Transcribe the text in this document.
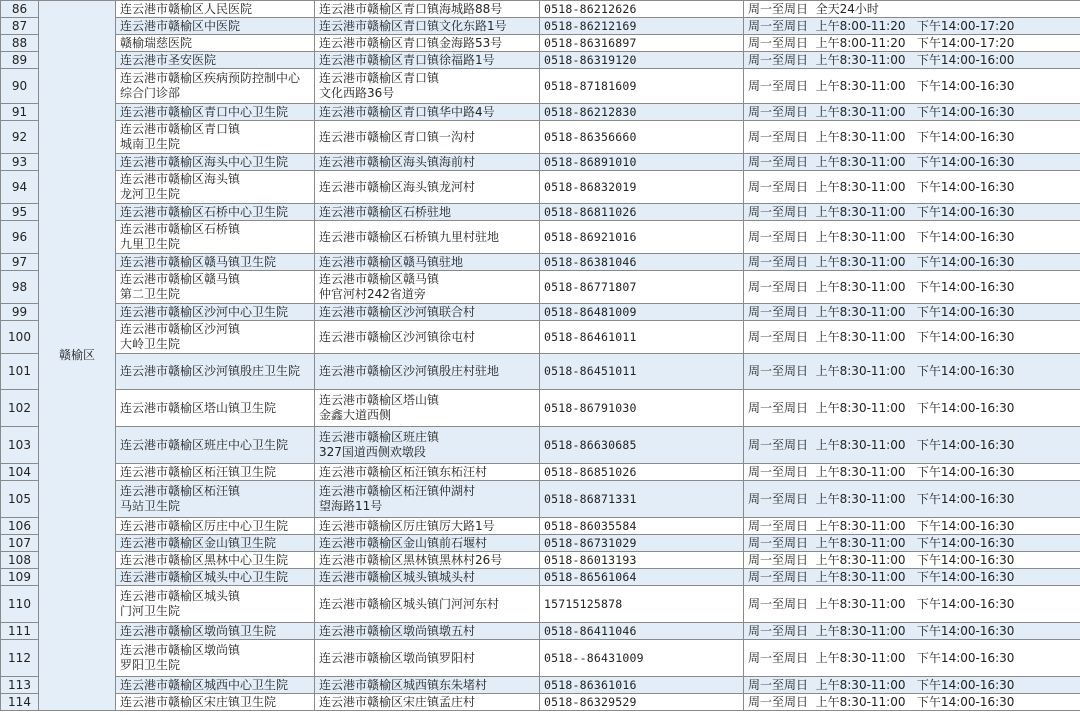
86	赣榆区	连云港市赣榆区人民医院	连云港市赣榆区青口镇海城路88号	0518-86212626	周一至周日  全天24小时
87		连云港市赣榆区中医院	连云港市赣榆区青口镇文化东路1号	0518-86212169	周一至周日  上午8:00-11:20   下午14:00-17:20
88		赣榆瑞慈医院	连云港市赣榆区青口镇金海路53号	0518-86316897	周一至周日  上午8:00-11:20   下午14:00-17:20
89		连云港市圣安医院	连云港市赣榆区青口镇徐福路1号	0518-86319120	周一至周日  上午8:30-11:00   下午14:00-16:00
90		连云港市赣榆区疾病预防控制中心综合门诊部	连云港市赣榆区青口镇
文化西路36号	0518-87181609	周一至周日  上午8:30-11:00   下午14:00-16:30
91		连云港市赣榆区青口中心卫生院	连云港市赣榆区青口镇华中路4号	0518-86212830	周一至周日  上午8:30-11:00   下午14:00-16:30
92		连云港市赣榆区青口镇
城南卫生院	连云港市赣榆区青口镇一沟村	0518-86356660	周一至周日  上午8:30-11:00   下午14:00-16:30
93		连云港市赣榆区海头中心卫生院	连云港市赣榆区海头镇海前村	0518-86891010	周一至周日  上午8:30-11:00   下午14:00-16:30
94		连云港市赣榆区海头镇
龙河卫生院	连云港市赣榆区海头镇龙河村	0518-86832019	周一至周日  上午8:30-11:00   下午14:00-16:30
95		连云港市赣榆区石桥中心卫生院	连云港市赣榆区石桥驻地	0518-86811026	周一至周日  上午8:30-11:00   下午14:00-16:30
96		连云港市赣榆区石桥镇
九里卫生院	连云港市赣榆区石桥镇九里村驻地	0518-86921016	周一至周日  上午8:30-11:00   下午14:00-16:30
97		连云港市赣榆区赣马镇卫生院	连云港市赣榆区赣马镇驻地	0518-86381046	周一至周日  上午8:30-11:00   下午14:00-16:30
98		连云港市赣榆区赣马镇
第二卫生院	连云港市赣榆区赣马镇
仲官河村242省道旁	0518-86771807	周一至周日  上午8:30-11:00   下午14:00-16:30
99		连云港市赣榆区沙河中心卫生院	连云港市赣榆区沙河镇联合村	0518-86481009	周一至周日  上午8:30-11:00   下午14:00-16:30
100		连云港市赣榆区沙河镇
大岭卫生院	连云港市赣榆区沙河镇徐屯村	0518-86461011	周一至周日  上午8:30-11:00   下午14:00-16:30
101		连云港市赣榆区沙河镇殷庄卫生院	连云港市赣榆区沙河镇殷庄村驻地	0518-86451011	周一至周日  上午8:30-11:00   下午14:00-16:30
102		连云港市赣榆区塔山镇卫生院	连云港市赣榆区塔山镇
金鑫大道西侧	0518-86791030	周一至周日  上午8:30-11:00   下午14:00-16:30
103		连云港市赣榆区班庄中心卫生院	连云港市赣榆区班庄镇
327国道西侧欢墩段	0518-86630685	周一至周日  上午8:30-11:00   下午14:00-16:30
104		连云港市赣榆区柘汪镇卫生院	连云港市赣榆区柘汪镇东柘汪村	0518-86851026	周一至周日  上午8:30-11:00   下午14:00-16:30
105		连云港市赣榆区柘汪镇
马站卫生院	连云港市赣榆区柘汪镇仲湖村
望海路11号	0518-86871331	周一至周日  上午8:30-11:00   下午14:00-16:30
106		连云港市赣榆区厉庄中心卫生院	连云港市赣榆区厉庄镇厉大路1号	0518-86035584	周一至周日  上午8:30-11:00   下午14:00-16:30
107		连云港市赣榆区金山镇卫生院	连云港市赣榆区金山镇前石堰村	0518-86731029	周一至周日  上午8:30-11:00   下午14:00-16:30
108		连云港市赣榆区黑林中心卫生院	连云港市赣榆区黑林镇黑林村26号	0518-86013193	周一至周日  上午8:30-11:00   下午14:00-16:30
109		连云港市赣榆区城头中心卫生院	连云港市赣榆区城头镇城头村	0518-86561064	周一至周日  上午8:30-11:00   下午14:00-16:30
110		连云港市赣榆区城头镇
门河卫生院	连云港市赣榆区城头镇门河河东村	15715125878	周一至周日  上午8:30-11:00   下午14:00-16:30
111		连云港市赣榆区墩尚镇卫生院	连云港市赣榆区墩尚镇墩五村	0518-86411046	周一至周日  上午8:30-11:00   下午14:00-16:30
112		连云港市赣榆区墩尚镇
罗阳卫生院	连云港市赣榆区墩尚镇罗阳村	0518--86431009	周一至周日  上午8:30-11:00   下午14:00-16:30
113		连云港市赣榆区城西中心卫生院	连云港市赣榆区城西镇东朱堵村	0518-86361016	周一至周日  上午8:30-11:00   下午14:00-16:30
114		连云港市赣榆区宋庄镇卫生院	连云港市赣榆区宋庄镇孟庄村	0518-86329529	周一至周日  上午8:30-11:00   下午14:00-16:30
